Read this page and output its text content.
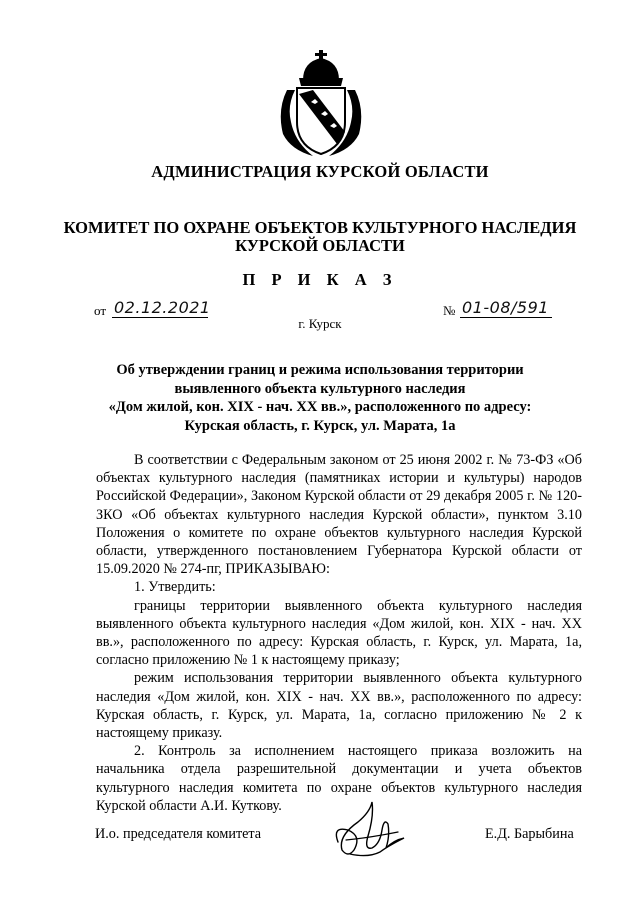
АДМИНИСТРАЦИЯ КУРСКОЙ ОБЛАСТИ
КОМИТЕТ ПО ОХРАНЕ ОБЪЕКТОВ КУЛЬТУРНОГО НАСЛЕДИЯ
КУРСКОЙ ОБЛАСТИ
П Р И К А З
от 02.12.2021	№ 01-08/591
г. Курск
Об утверждении границ и режима использования территории
выявленного объекта культурного наследия
«Дом жилой, кон. XIX - нач. XX вв.», расположенного по адресу:
Курская область, г. Курск, ул. Марата, 1а

В соответствии с Федеральным законом от 25 июня 2002 г. № 73-ФЗ «Об объектах культурного наследия (памятниках истории и культуры) народов Российской Федерации», Законом Курской области от 29 декабря 2005 г. № 120-ЗКО «Об объектах культурного наследия Курской области», пунктом 3.10 Положения о комитете по охране объектов культурного наследия Курской области, утвержденного постановлением Губернатора Курской области от 15.09.2020 № 274-пг, ПРИКАЗЫВАЮ:

1. Утвердить:

границы территории выявленного объекта культурного наследия выявленного объекта культурного наследия «Дом жилой, кон. XIX - нач. XX вв.», расположенного по адресу: Курская область, г. Курск, ул. Марата, 1а, согласно приложению № 1 к настоящему приказу;

режим использования территории выявленного объекта культурного наследия «Дом жилой, кон. XIX - нач. XX вв.», расположенного по адресу: Курская область, г. Курск, ул. Марата, 1а, согласно приложению № 2 к настоящему приказу.

2. Контроль за исполнением настоящего приказа возложить на начальника отдела разрешительной документации и учета объектов культурного наследия комитета по охране объектов культурного наследия Курской области А.И. Куткову.

И.о. председателя комитета	Е.Д. Барыбина
